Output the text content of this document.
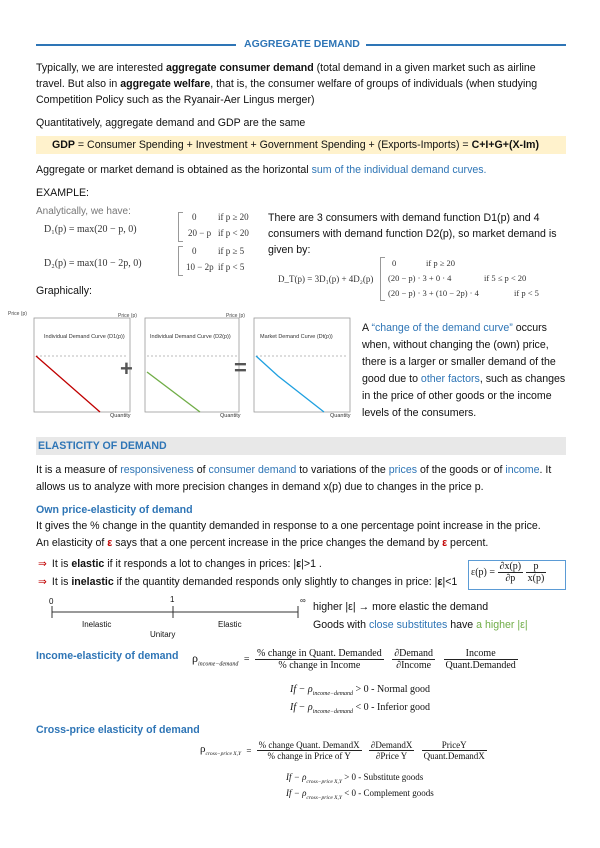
AGGREGATE DEMAND

Typically, we are interested aggregate consumer demand (total demand in a given market such as airline travel. But also in aggregate welfare, that is, the consumer welfare of groups of individuals (when studying Competition Policy such as the Ryanair-Aer Lingus merger)

Quantitatively, aggregate demand and GDP are the same

GDP = Consumer Spending + Investment + Government Spending + (Exports-Imports) = C+I+G+(X-Im)

Aggregate or market demand is obtained as the horizontal sum of the individual demand curves.

EXAMPLE:

Analytically, we have:

D₁(p) = max(20 − p, 0)
0 if p ≥ 20
20 − p if p < 20
D₂(p) = max(10 − 2p, 0)
0 if p ≥ 5
10 − 2p if p < 5

There are 3 consumers with demand function D1(p) and 4 consumers with demand function D2(p), so market demand is given by:

D_T(p) = 3D₁(p) + 4D₂(p)
0	if p ≥ 20
(20 − p) · 3 + 0 · 4	if 5 ≤ p < 20
(20 − p) · 3 + (10 − 2p) · 4	if p < 5

Graphically:

Price (p)	Price (p)	Price (p)
Individual Demand Curve (D1(p))	Individual Demand Curve (D2(p))	Market Demand Curve (Dt(p))
Quantity	Quantity	Quantity
+	=

A “change of the demand curve” occurs when, without changing the (own) price, there is a larger or smaller demand of the good due to other factors, such as changes in the price of other goods or the income levels of the consumers.

ELASTICITY OF DEMAND

It is a measure of responsiveness of consumer demand to variations of the prices of the goods or of income. It allows us to analyze with more precision changes in demand x(p) due to changes in the price p.

Own price-elasticity of demand

It gives the % change in the quantity demanded in response to a one percentage point increase in the price.

An elasticity of ε says that a one percent increase in the price changes the demand by ε percent.

⇒ It is elastic if it responds a lot to changes in prices: |ε|>1 .

⇒ It is inelastic if the quantity demanded responds only slightly to changes in price: |ε|<1

$\varepsilon(p) = \frac{\partial x(p)}{\partial p}$
$\frac{p}{x(p)}$
0	1	∞
Inelastic
Unitary
Elastic

higher |ε| → more elastic the demand

Goods with close substitutes have a higher |ε|

Income-elasticity of demand $\rho_{income-demand} = \frac{\text{\% change in Quant. Demanded}}{\text{\% change in Income}}$
$\frac{\text{∂Demand}}{\text{∂Income}}$
$\frac{\text{Income}}{\text{Quant.Demanded}}$
$If - \rho_{income-demand} > 0$ - Normal good
$If - \rho_{income-demand} < 0$ - Inferior good

Cross-price elasticity of demand

$\rho_{cross-price X,Y} = \frac{\text{\% change Quant. DemandX}}{\text{\% change in Price of Y}}$
$\frac{\text{∂DemandX}}{\text{∂Price Y}}$
$\frac{\text{PriceY}}{\text{Quant.DemandX}}$
$If - \rho_{cross-price X,Y} > 0$ - Substitute goods
$If - \rho_{cross-price X,Y} < 0$ - Complement goods
